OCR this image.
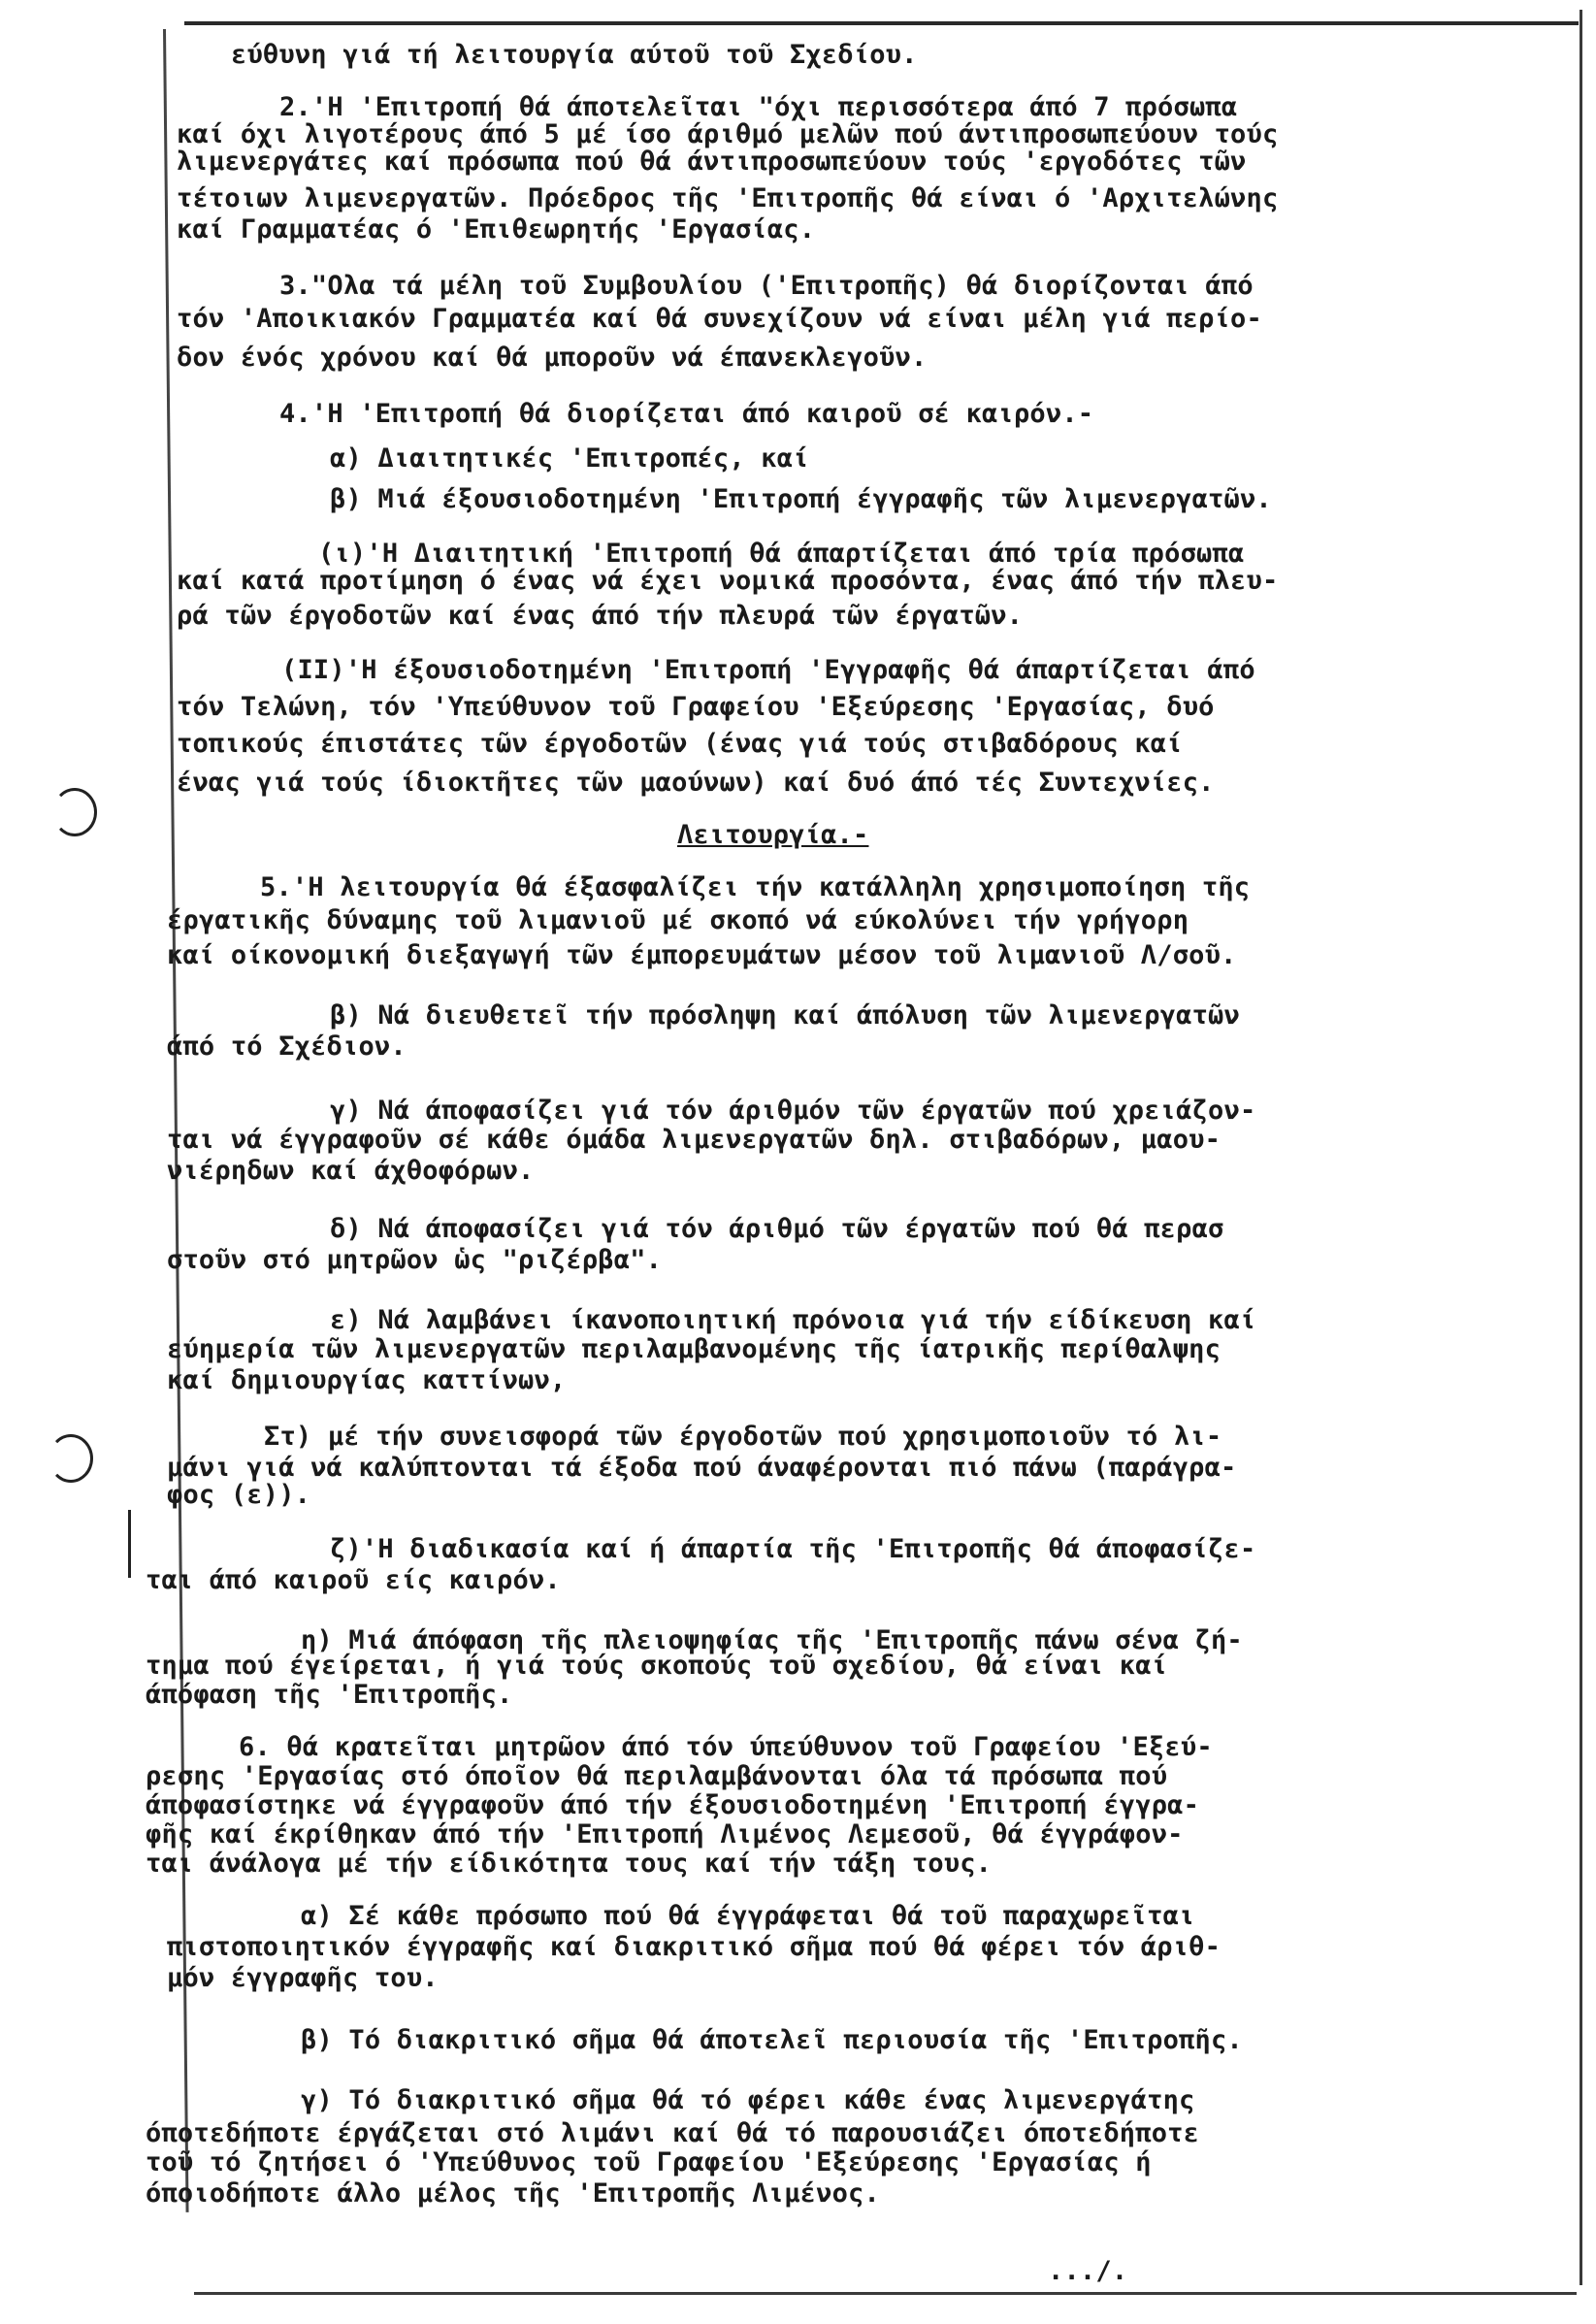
εύθυνη γιά τή λειτουργία αύτοῦ τοῦ Σχεδίου.
2.'Η 'Επιτροπή θά άποτελεῖται "όχι περισσότερα άπό 7 πρόσωπα
καί όχι λιγοτέρους άπό 5 μέ ίσο άριθμό μελῶν πού άντιπροσωπεύουν τούς
λιμενεργάτες καί πρόσωπα πού θά άντιπροσωπεύουν τούς 'εργοδότες τῶν
τέτοιων λιμενεργατῶν. Πρόεδρος τῆς 'Επιτροπῆς θά είναι ό 'Αρχιτελώνης
καί Γραμματέας ό 'Επιθεωρητής 'Εργασίας.
3."Ολα τά μέλη τοῦ Συμβουλίου ('Επιτροπῆς) θά διορίζονται άπό
τόν 'Αποικιακόν Γραμματέα καί θά συνεχίζουν νά είναι μέλη γιά περίο-
δον ένός χρόνου καί θά μποροῦν νά έπανεκλεγοῦν.
4.'Η 'Επιτροπή θά διορίζεται άπό καιροῦ σέ καιρόν.-
α) Διαιτητικές 'Επιτροπές, καί
β) Μιά έξουσιοδοτημένη 'Επιτροπή έγγραφῆς τῶν λιμενεργατῶν.
(ι)'Η Διαιτητική 'Επιτροπή θά άπαρτίζεται άπό τρία πρόσωπα
καί κατά προτίμηση ό ένας νά έχει νομικά προσόντα, ένας άπό τήν πλευ-
ρά τῶν έργοδοτῶν καί ένας άπό τήν πλευρά τῶν έργατῶν.
(ΙΙ)'Η έξουσιοδοτημένη 'Επιτροπή 'Εγγραφῆς θά άπαρτίζεται άπό
τόν Τελώνη, τόν 'Υπεύθυνον τοῦ Γραφείου 'Εξεύρεσης 'Εργασίας, δυό
τοπικούς έπιστάτες τῶν έργοδοτῶν (ένας γιά τούς στιβαδόρους καί
ένας γιά τούς ίδιοκτῆτες τῶν μαούνων) καί δυό άπό τές Συντεχνίες.
Λειτουργία.-
5.'Η λειτουργία θά έξασφαλίζει τήν κατάλληλη χρησιμοποίηση τῆς
έργατικῆς δύναμης τοῦ λιμανιοῦ μέ σκοπό νά εύκολύνει τήν γρήγορη
καί οίκονομική διεξαγωγή τῶν έμπορευμάτων μέσον τοῦ λιμανιοῦ Λ/σοῦ.
β) Νά διευθετεῖ τήν πρόσληψη καί άπόλυση τῶν λιμενεργατῶν
άπό τό Σχέδιον.
γ) Νά άποφασίζει γιά τόν άριθμόν τῶν έργατῶν πού χρειάζον-
ται νά έγγραφοῦν σέ κάθε όμάδα λιμενεργατῶν δηλ. στιβαδόρων, μαου-
νιέρηδων καί άχθοφόρων.
δ) Νά άποφασίζει γιά τόν άριθμό τῶν έργατῶν πού θά περασ
στοῦν στό μητρῶον ὡς "ριζέρβα".
ε) Νά λαμβάνει ίκανοποιητική πρόνοια γιά τήν είδίκευση καί
εύημερία τῶν λιμενεργατῶν περιλαμβανομένης τῆς ίατρικῆς περίθαλψης
καί δημιουργίας καττίνων,
Στ) μέ τήν συνεισφορά τῶν έργοδοτῶν πού χρησιμοποιοῦν τό λι-
μάνι γιά νά καλύπτονται τά έξοδα πού άναφέρονται πιό πάνω (παράγρα-
φος (ε)).
ζ)'Η διαδικασία καί ή άπαρτία τῆς 'Επιτροπῆς θά άποφασίζε-
ται άπό καιροῦ είς καιρόν.
η) Μιά άπόφαση τῆς πλειοψηφίας τῆς 'Επιτροπῆς πάνω σένα ζή-
τημα πού έγείρεται, ή γιά τούς σκοπούς τοῦ σχεδίου, θά είναι καί
άπόφαση τῆς 'Επιτροπῆς.
6. θά κρατεῖται μητρῶον άπό τόν ύπεύθυνον τοῦ Γραφείου 'Εξεύ-
ρεσης 'Εργασίας στό όποῖον θά περιλαμβάνονται όλα τά πρόσωπα πού
άποφασίστηκε νά έγγραφοῦν άπό τήν έξουσιοδοτημένη 'Επιτροπή έγγρα-
φῆς καί έκρίθηκαν άπό τήν 'Επιτροπή Λιμένος Λεμεσοῦ, θά έγγράφον-
ται άνάλογα μέ τήν είδικότητα τους καί τήν τάξη τους.
α) Σέ κάθε πρόσωπο πού θά έγγράφεται θά τοῦ παραχωρεῖται
πιστοποιητικόν έγγραφῆς καί διακριτικό σῆμα πού θά φέρει τόν άριθ-
μόν έγγραφῆς του.
β) Τό διακριτικό σῆμα θά άποτελεῖ περιουσία τῆς 'Επιτροπῆς.
γ) Τό διακριτικό σῆμα θά τό φέρει κάθε ένας λιμενεργάτης
όποτεδήποτε έργάζεται στό λιμάνι καί θά τό παρουσιάζει όποτεδήποτε
τοῦ τό ζητήσει ό 'Υπεύθυνος τοῦ Γραφείου 'Εξεύρεσης 'Εργασίας ή
όποιοδήποτε άλλο μέλος τῆς 'Επιτροπῆς Λιμένος.
.../.
